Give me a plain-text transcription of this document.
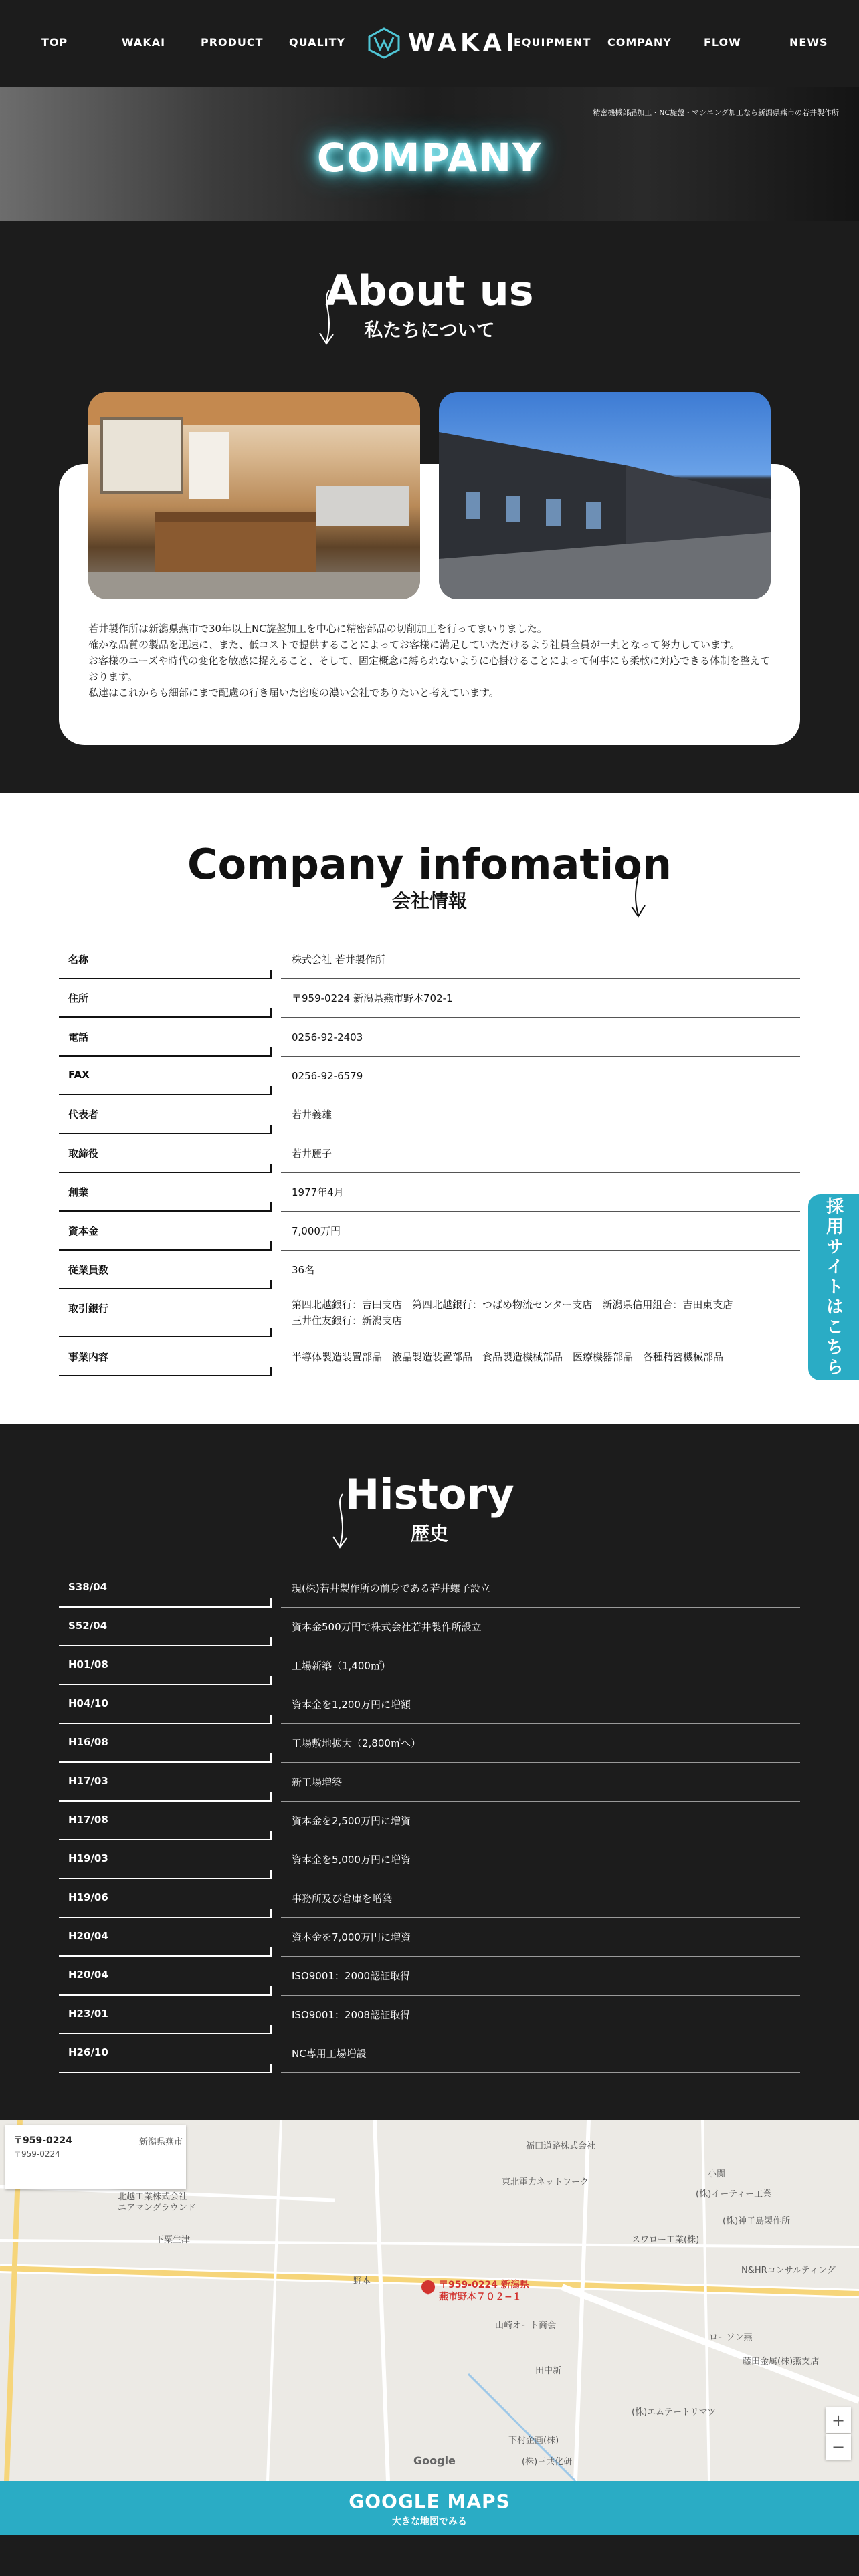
TOP	WAKAI	PRODUCT QUALITY	WAKAI
EQUIPMENT COMPANY	FLOW	NEWS
精密機械部品加工・NC旋盤・マシニング加工なら新潟県燕市の若井製作所
COMPANY
About us
私たちについて

若井製作所は新潟県燕市で30年以上NC旋盤加工を中心に精密部品の切削加工を行ってまいりました。

確かな品質の製品を迅速に、また、低コストで提供することによってお客様に満足していただけるよう社員全員が一丸となって努力しています。

お客様のニーズや時代の変化を敏感に捉えること、そして、固定概念に縛られないように心掛けることによって何事にも柔軟に対応できる体制を整えております。

私達はこれからも細部にまで配慮の行き届いた密度の濃い会社でありたいと考えています。

Company infomation
会社情報
名称	株式会社 若井製作所
住所	〒959-0224 新潟県燕市野本702-1
電話	0256-92-2403
FAX	0256-92-6579
代表者	若井義雄
取締役	若井麗子
創業	1977年4月
資本金	7,000万円
従業員数	36名
取引銀行	第四北越銀行：吉田支店　第四北越銀行：つばめ物流センター支店　新潟県信用組合：吉田東支店
三井住友銀行：新潟支店
事業内容	半導体製造装置部品　液晶製造装置部品　食品製造機械部品　医療機器部品　各種精密機械部品
History
歴史
S38/04	現(株)若井製作所の前身である若井螺子設立
S52/04	資本金500万円で株式会社若井製作所設立
H01/08	工場新築（1,400㎡）
H04/10	資本金を1,200万円に増額
H16/08	工場敷地拡大（2,800㎡へ）
H17/03	新工場増築
H17/08	資本金を2,500万円に増資
H19/03	資本金を5,000万円に増資
H19/06	事務所及び倉庫を増築
H20/04	資本金を7,000万円に増資
H20/04	ISO9001：2000認証取得
H23/01	ISO9001：2008認証取得
H26/10	NC専用工場増設
採用サイトはこちら
〒959-0224
〒959-0224
〒959-0224 新潟県
燕市野本７０２−１
新潟県燕市
北越工業株式会社
エアマングラウンド
下粟生津
野本
福田道路株式会社
東北電力ネットワーク
(株)イーティー工業
(株)神子島製作所
スワロー工業(株)
N&HRコンサルティング
ローソン燕
山崎オート商会
田中新
(株)エムテートリマツ
下村企画(株)
(株)三共化研
藤田金属(株)燕支店
小関
Google
+
−
GOOGLE MAPS
大きな地図でみる
